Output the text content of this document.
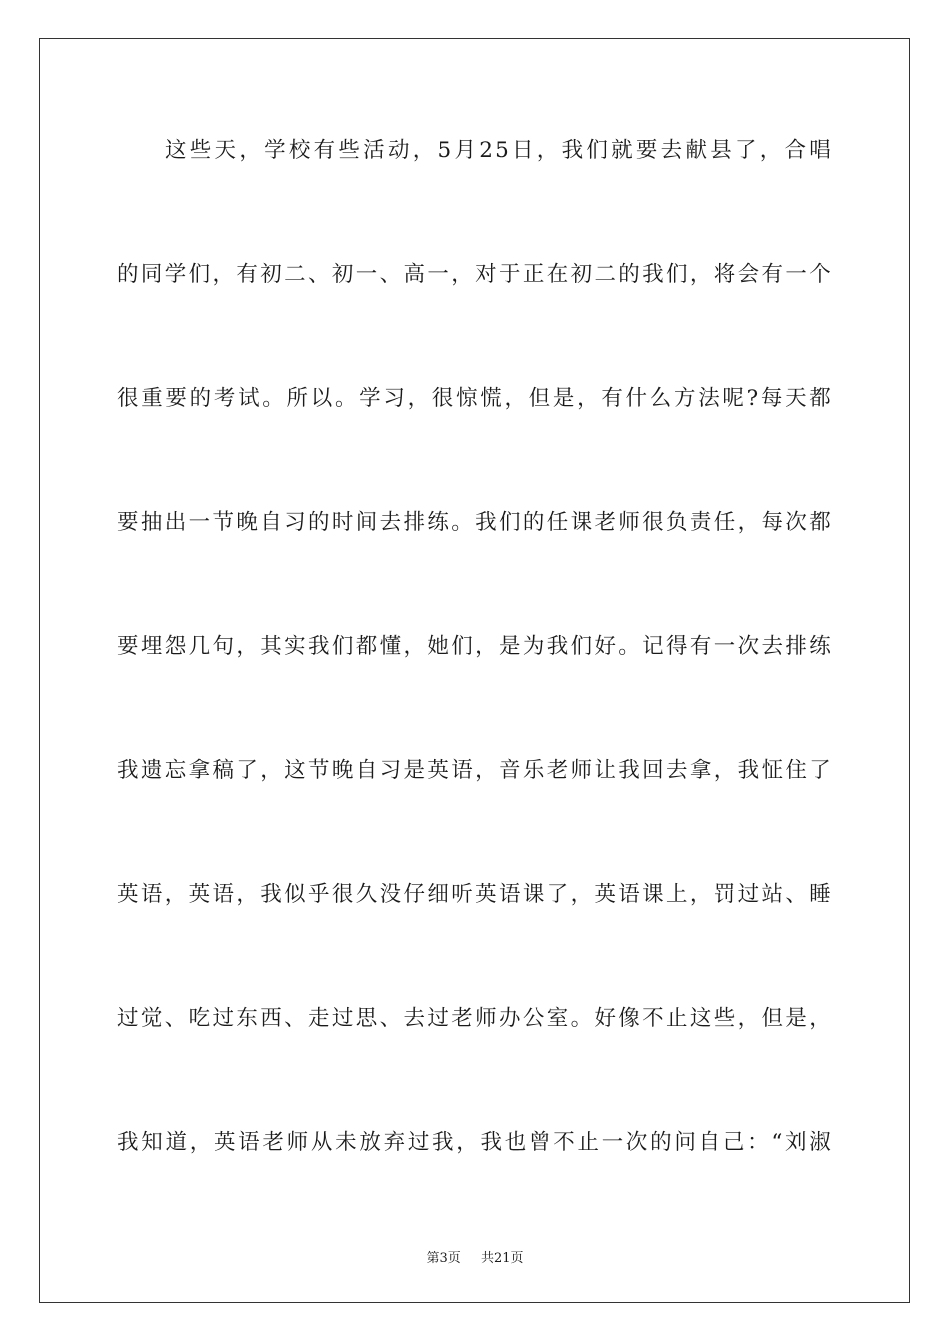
这些天，学校有些活动，5月25日，我们就要去献县了，合唱
的同学们，有初二、初一、高一，对于正在初二的我们，将会有一个
很重要的考试。所以。学习，很惊慌，但是，有什么方法呢?每天都
要抽出一节晚自习的时间去排练。我们的任课老师很负责任，每次都
要埋怨几句，其实我们都懂，她们，是为我们好。记得有一次去排练
我遗忘拿稿了，这节晚自习是英语，音乐老师让我回去拿，我怔住了
英语，英语，我似乎很久没仔细听英语课了，英语课上，罚过站、睡
过觉、吃过东西、走过思、去过老师办公室。好像不止这些，但是，
我知道，英语老师从未放弃过我，我也曾不止一次的问自己：“刘淑
第3页 共21页
